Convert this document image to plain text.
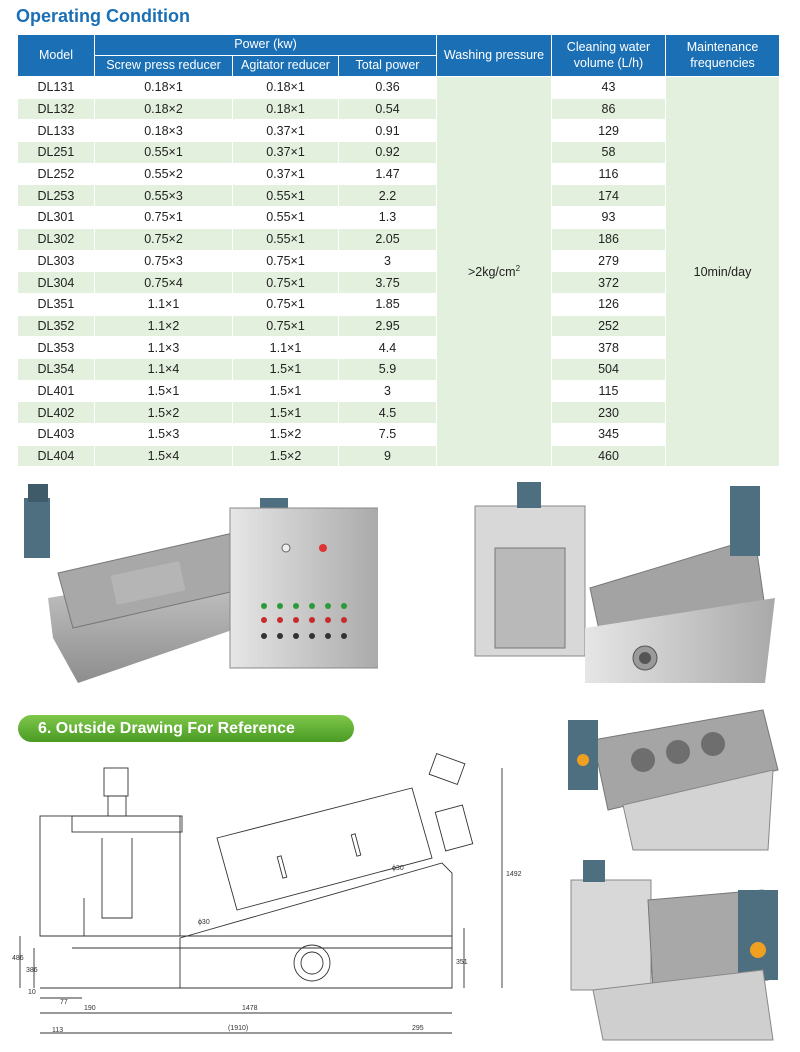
Operating Condition
Model	Power (kw)			Washing pressure	Cleaning water volume (L/h)	Maintenance frequencies
	Screw press reducer	Agitator reducer	Total power			
DL131	0.18×1	0.18×1	0.36	$>2kg/cm^2$	43	10min/day
DL132	0.18×2	0.18×1	0.54		86	
DL133	0.18×3	0.37×1	0.91		129	
DL251	0.55×1	0.37×1	0.92		58	
DL252	0.55×2	0.37×1	1.47		116	
DL253	0.55×3	0.55×1	2.2		174	
DL301	0.75×1	0.55×1	1.3		93	
DL302	0.75×2	0.55×1	2.05		186	
DL303	0.75×3	0.75×1	3		279	
DL304	0.75×4	0.75×1	3.75		372	
DL351	1.1×1	0.75×1	1.85		126	
DL352	1.1×2	0.75×1	2.95		252	
DL353	1.1×3	1.1×1	4.4		378	
DL354	1.1×4	1.5×1	5.9		504	
DL401	1.5×1	1.5×1	3		115	
DL402	1.5×2	1.5×1	4.5		230	
DL403	1.5×3	1.5×2	7.5		345	
DL404	1.5×4	1.5×2	9		460	
6. Outside Drawing For Reference
ϕ30
ϕ30
1492
486
386
351
10
77
190	1478
(1910)
113	295
